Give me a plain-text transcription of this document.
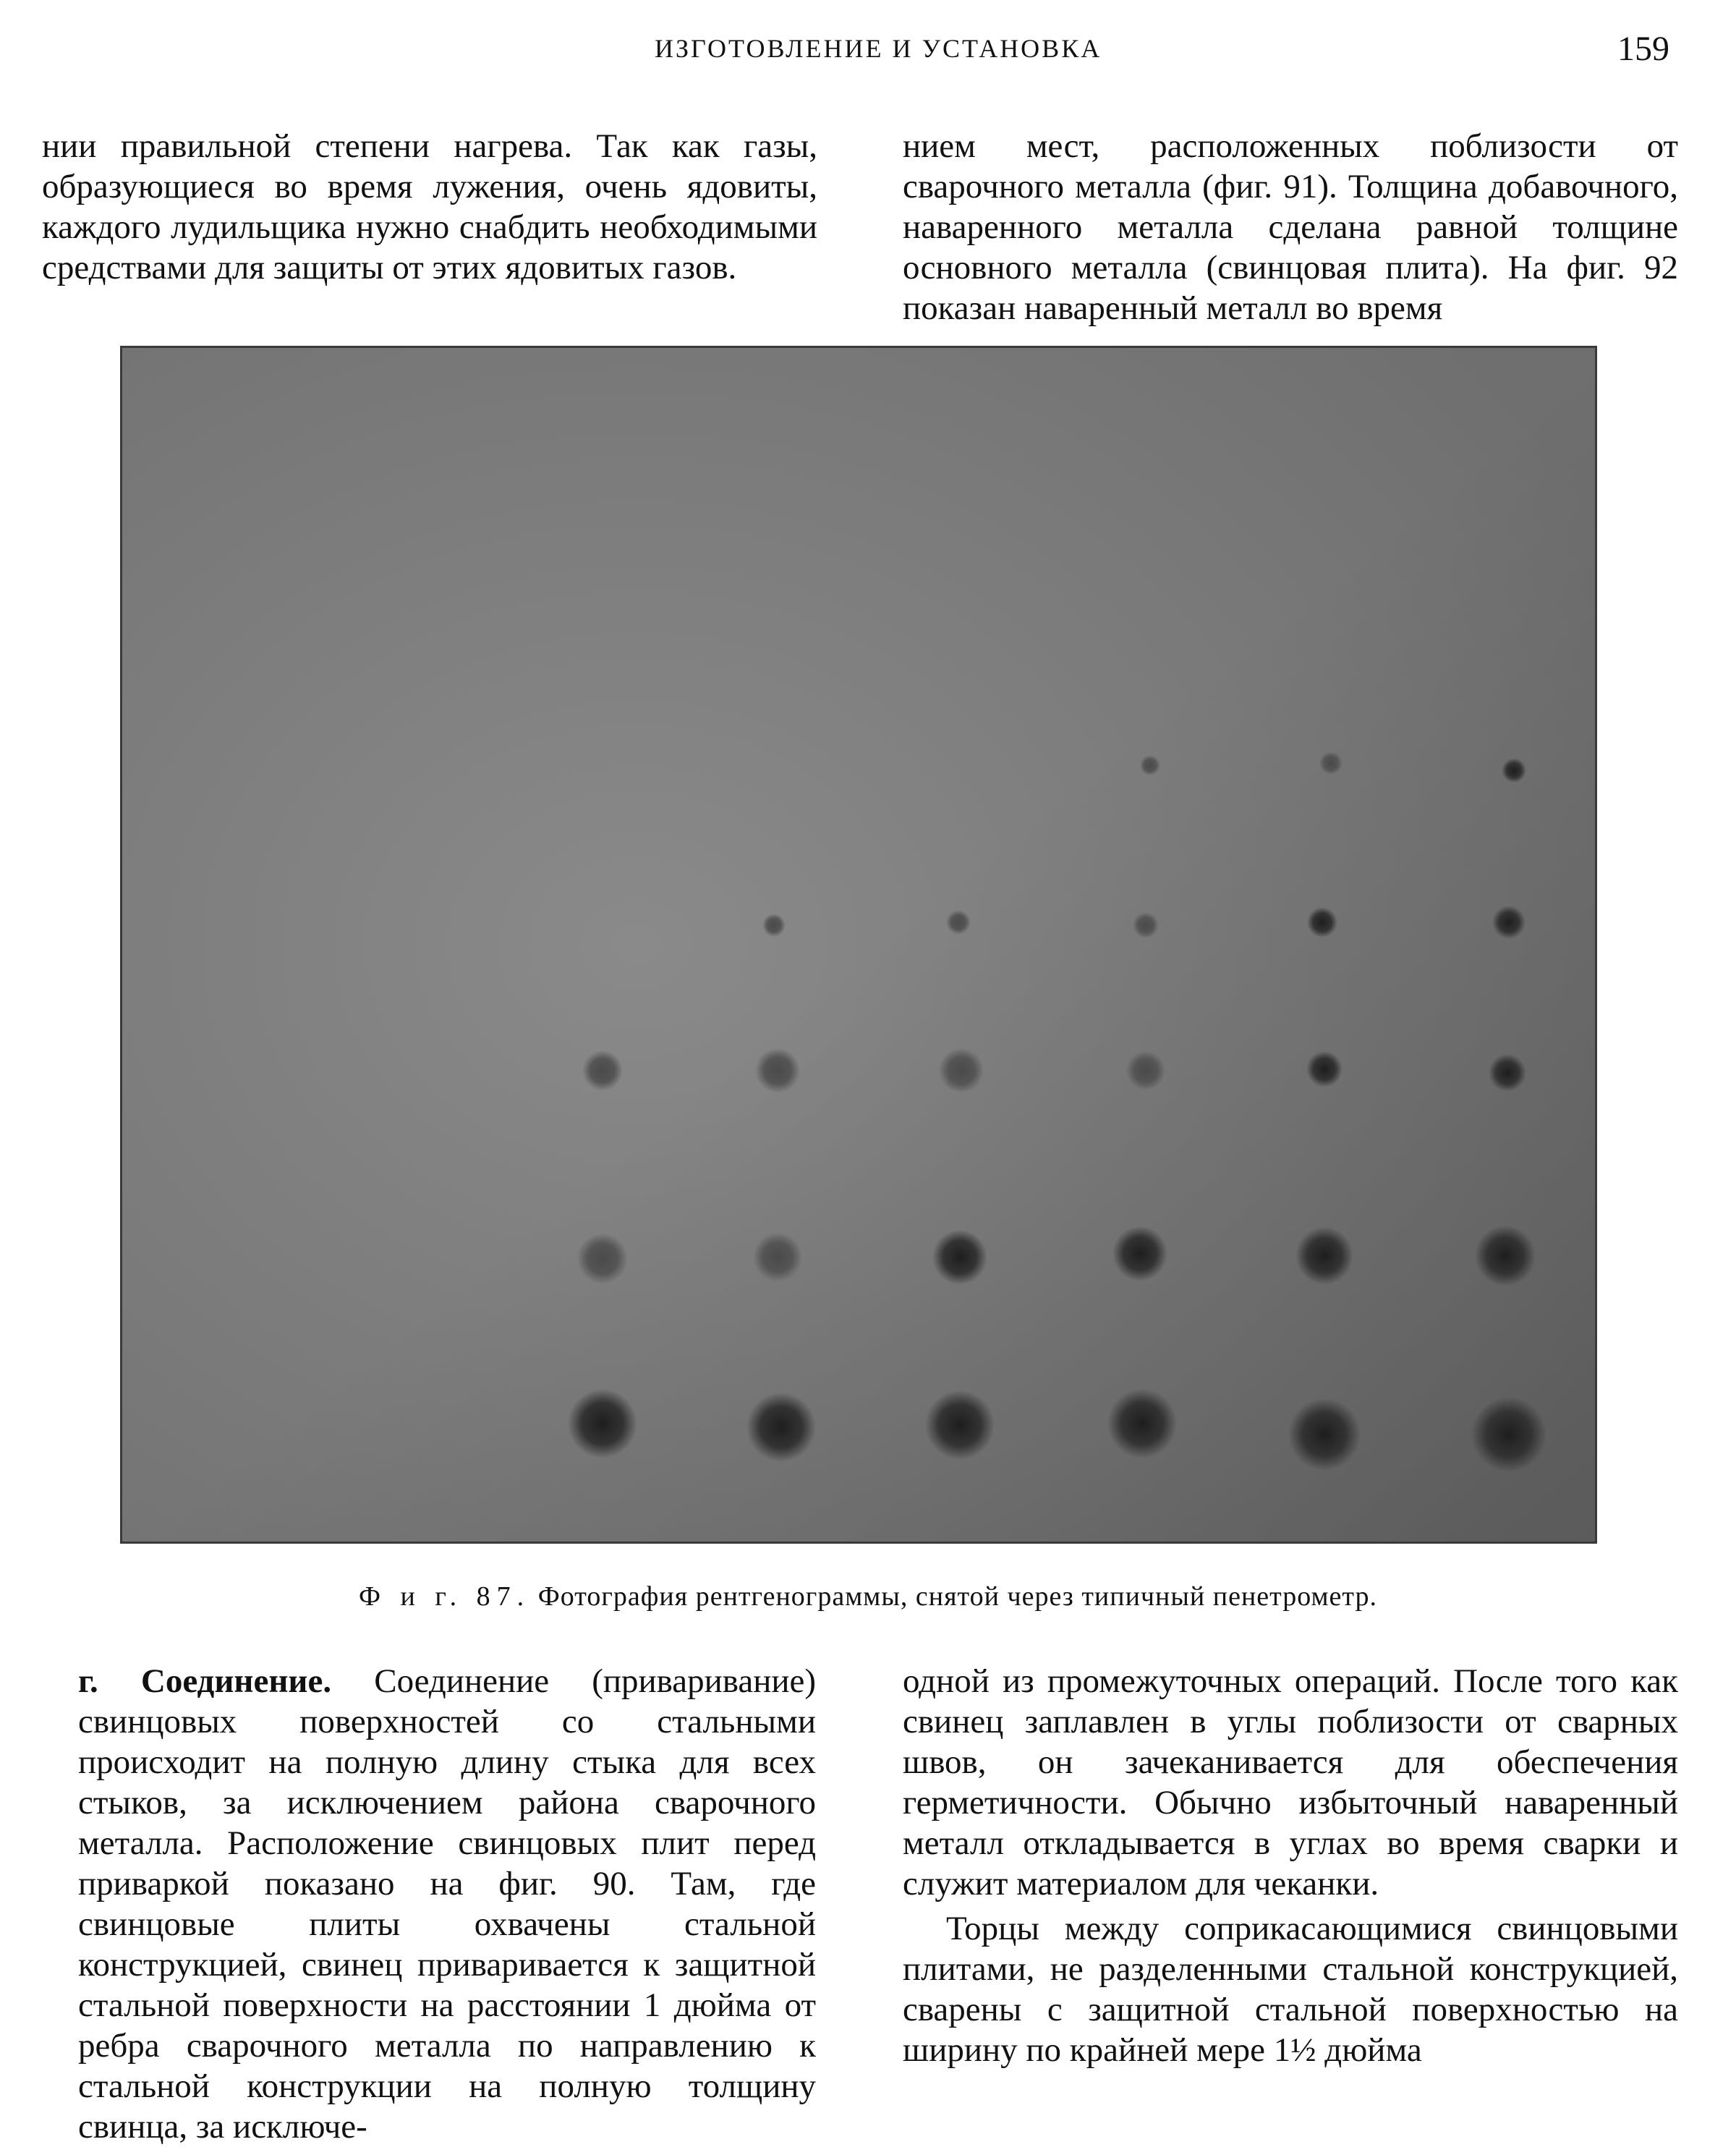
ИЗГОТОВЛЕНИЕ И УСТАНОВКА	159

нии правильной степени нагрева. Так как газы, образующиеся во время лужения, очень ядовиты, каждого лудильщика нужно снабдить необходимыми средствами для защиты от этих ядовитых газов.

нием мест, расположенных поблизости от сварочного металла (фиг. 91). Толщина добавочного, наваренного металла сделана равной толщине основного металла (свинцовая плита). На фиг. 92 показан наваренный металл во время

Ф и г. 87. Фотография рентгенограммы, снятой через типичный пенетрометр.

г. Соединение. Соединение (приваривание) свинцовых поверхностей со стальными происходит на полную длину стыка для всех стыков, за исключением района сварочного металла. Расположение свинцовых плит перед приваркой показано на фиг. 90. Там, где свинцовые плиты охвачены стальной конструкцией, свинец приваривается к защитной стальной поверхности на расстоянии 1 дюйма от ребра сварочного металла по направлению к стальной конструкции на полную толщину свинца, за исключе-

одной из промежуточных операций. После того как свинец заплавлен в углы поблизости от сварных швов, он зачеканивается для обеспечения герметичности. Обычно избыточный наваренный металл откладывается в углах во время сварки и служит материалом для чеканки.

Торцы между соприкасающимися свинцовыми плитами, не разделенными стальной конструкцией, сварены с защитной стальной поверхностью на ширину по крайней мере 1½ дюйма
